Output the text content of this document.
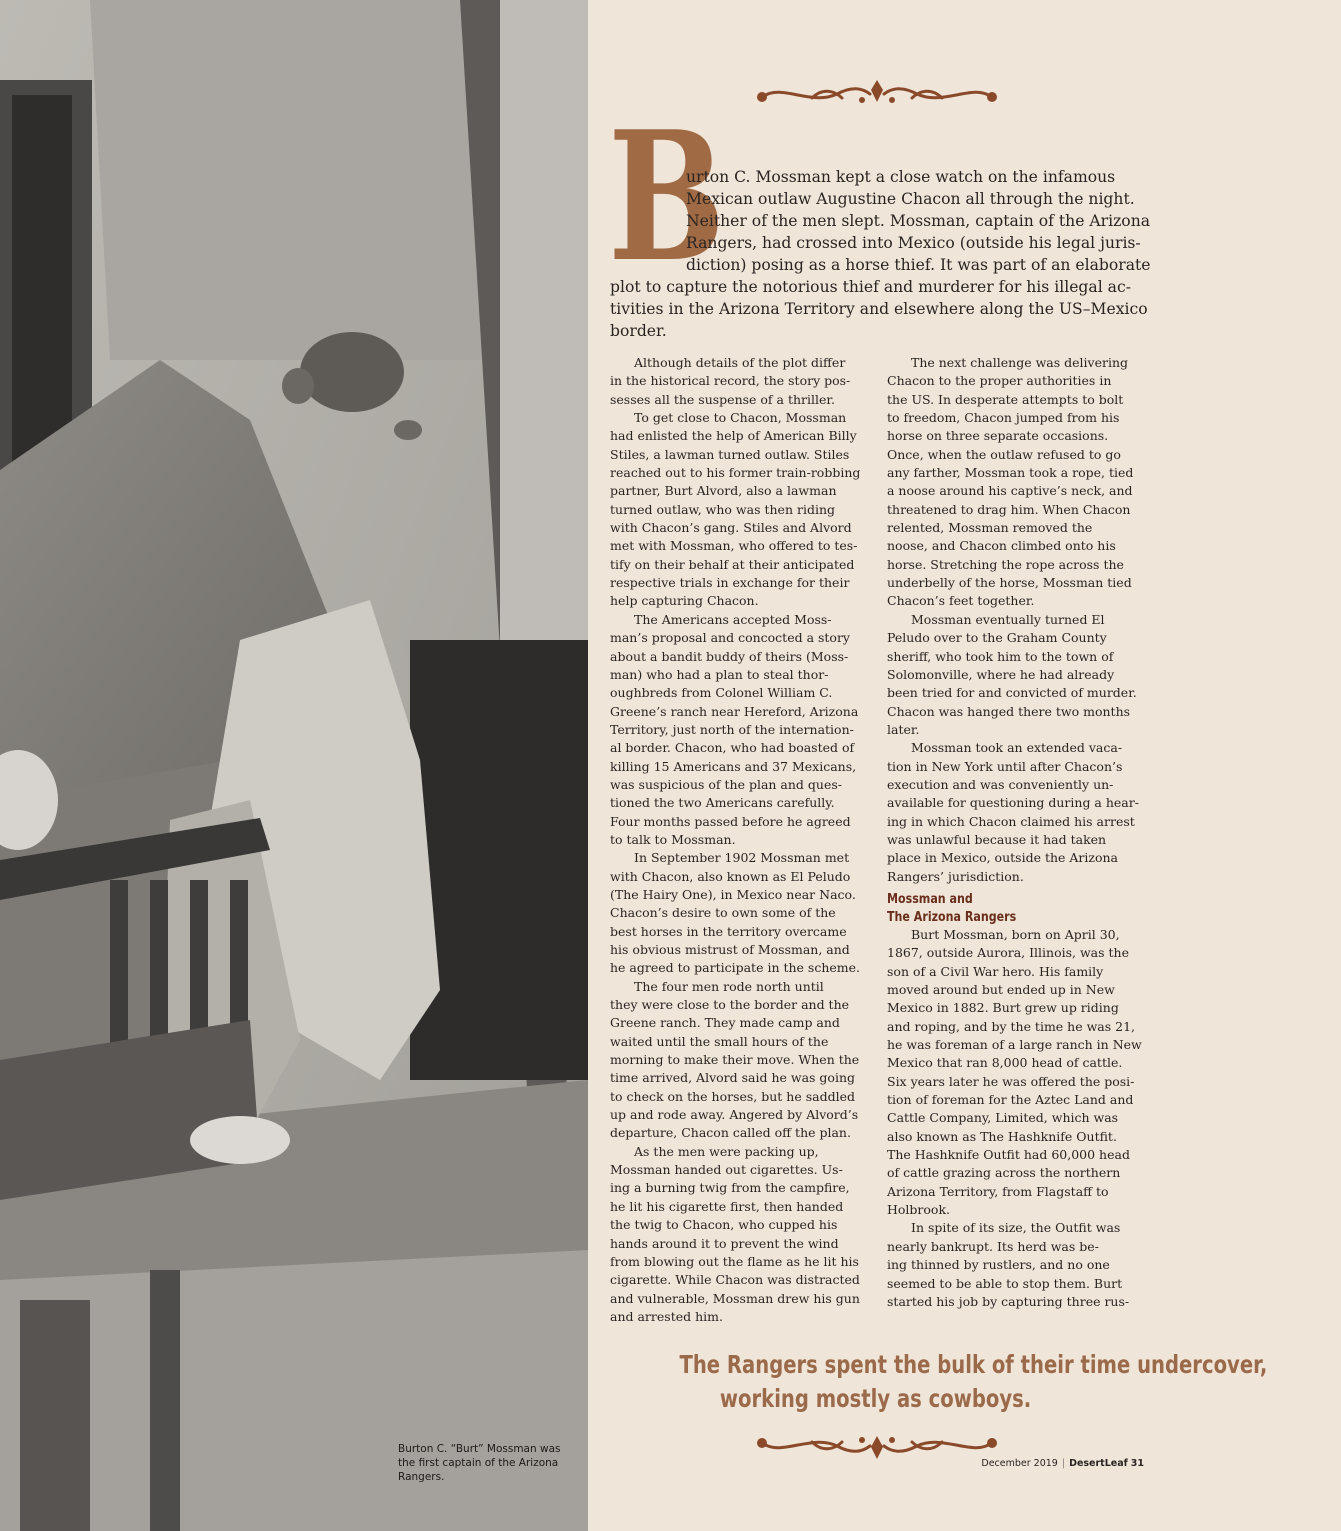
Burton C. “Burt” Mossman was the first captain of the Arizona Rangers.
B
urton C. Mossman kept a close watch on the infamous
Mexican outlaw Augustine Chacon all through the night.
Neither of the men slept. Mossman, captain of the Arizona
Rangers, had crossed into Mexico (outside his legal juris-
diction) posing as a horse thief. It was part of an elaborate
plot to capture the notorious thief and murderer for his illegal ac-
tivities in the Arizona Territory and elsewhere along the US–Mexico
border.
Although details of the plot differ
in the historical record, the story pos-
sesses all the suspense of a thriller.
To get close to Chacon, Mossman
had enlisted the help of American Billy
Stiles, a lawman turned outlaw. Stiles
reached out to his former train-robbing
partner, Burt Alvord, also a lawman
turned outlaw, who was then riding
with Chacon’s gang. Stiles and Alvord
met with Mossman, who offered to tes-
tify on their behalf at their anticipated
respective trials in exchange for their
help capturing Chacon.
The Americans accepted Moss-
man’s proposal and concocted a story
about a bandit buddy of theirs (Moss-
man) who had a plan to steal thor-
oughbreds from Colonel William C.
Greene’s ranch near Hereford, Arizona
Territory, just north of the internation-
al border. Chacon, who had boasted of
killing 15 Americans and 37 Mexicans,
was suspicious of the plan and ques-
tioned the two Americans carefully.
Four months passed before he agreed
to talk to Mossman.
In September 1902 Mossman met
with Chacon, also known as El Peludo
(The Hairy One), in Mexico near Naco.
Chacon’s desire to own some of the
best horses in the territory overcame
his obvious mistrust of Mossman, and
he agreed to participate in the scheme.
The four men rode north until
they were close to the border and the
Greene ranch. They made camp and
waited until the small hours of the
morning to make their move. When the
time arrived, Alvord said he was going
to check on the horses, but he saddled
up and rode away. Angered by Alvord’s
departure, Chacon called off the plan.
As the men were packing up,
Mossman handed out cigarettes. Us-
ing a burning twig from the campfire,
he lit his cigarette first, then handed
the twig to Chacon, who cupped his
hands around it to prevent the wind
from blowing out the flame as he lit his
cigarette. While Chacon was distracted
and vulnerable, Mossman drew his gun
and arrested him.
The next challenge was delivering
Chacon to the proper authorities in
the US. In desperate attempts to bolt
to freedom, Chacon jumped from his
horse on three separate occasions.
Once, when the outlaw refused to go
any farther, Mossman took a rope, tied
a noose around his captive’s neck, and
threatened to drag him. When Chacon
relented, Mossman removed the
noose, and Chacon climbed onto his
horse. Stretching the rope across the
underbelly of the horse, Mossman tied
Chacon’s feet together.
Mossman eventually turned El
Peludo over to the Graham County
sheriff, who took him to the town of
Solomonville, where he had already
been tried for and convicted of murder.
Chacon was hanged there two months
later.
Mossman took an extended vaca-
tion in New York until after Chacon’s
execution and was conveniently un-
available for questioning during a hear-
ing in which Chacon claimed his arrest
was unlawful because it had taken
place in Mexico, outside the Arizona
Rangers’ jurisdiction.
Mossman and
The Arizona Rangers
Burt Mossman, born on April 30,
1867, outside Aurora, Illinois, was the
son of a Civil War hero. His family
moved around but ended up in New
Mexico in 1882. Burt grew up riding
and roping, and by the time he was 21,
he was foreman of a large ranch in New
Mexico that ran 8,000 head of cattle.
Six years later he was offered the posi-
tion of foreman for the Aztec Land and
Cattle Company, Limited, which was
also known as The Hashknife Outfit.
The Hashknife Outfit had 60,000 head
of cattle grazing across the northern
Arizona Territory, from Flagstaff to
Holbrook.
In spite of its size, the Outfit was
nearly bankrupt. Its herd was be-
ing thinned by rustlers, and no one
seemed to be able to stop them. Burt
started his job by capturing three rus-
The Rangers spent the bulk of their time undercover,
working mostly as cowboys.
December 2019 | DesertLeaf 31
